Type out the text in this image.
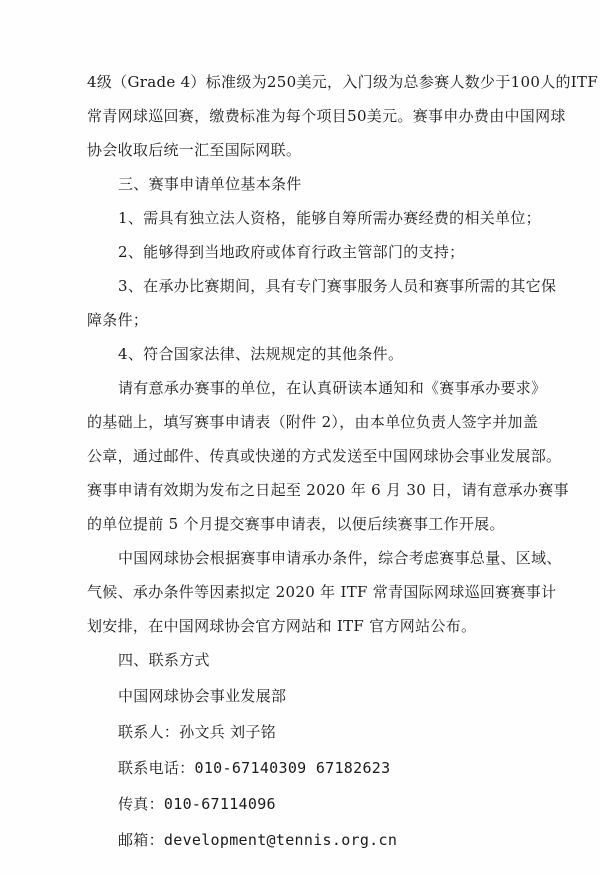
4级（Grade 4）标准级为250美元，入门级为总参赛人数少于100人的ITF
常青网球巡回赛，缴费标准为每个项目50美元。赛事申办费由中国网球
协会收取后统一汇至国际网联。
三、赛事申请单位基本条件
1、需具有独立法人资格，能够自筹所需办赛经费的相关单位；
2、能够得到当地政府或体育行政主管部门的支持；
3、在承办比赛期间，具有专门赛事服务人员和赛事所需的其它保
障条件；
4、符合国家法律、法规规定的其他条件。
请有意承办赛事的单位，在认真研读本通知和《赛事承办要求》
的基础上，填写赛事申请表（附件 2），由本单位负责人签字并加盖
公章，通过邮件、传真或快递的方式发送至中国网球协会事业发展部。
赛事申请有效期为发布之日起至 2020 年 6 月 30 日，请有意承办赛事
的单位提前 5 个月提交赛事申请表，以便后续赛事工作开展。
中国网球协会根据赛事申请承办条件，综合考虑赛事总量、区域、
气候、承办条件等因素拟定 2020 年 ITF 常青国际网球巡回赛赛事计
划安排，在中国网球协会官方网站和 ITF 官方网站公布。
四、联系方式
中国网球协会事业发展部
联系人：孙文兵 刘子铭
联系电话：010-67140309 67182623
传真：010-67114096
邮箱：development@tennis.org.cn
